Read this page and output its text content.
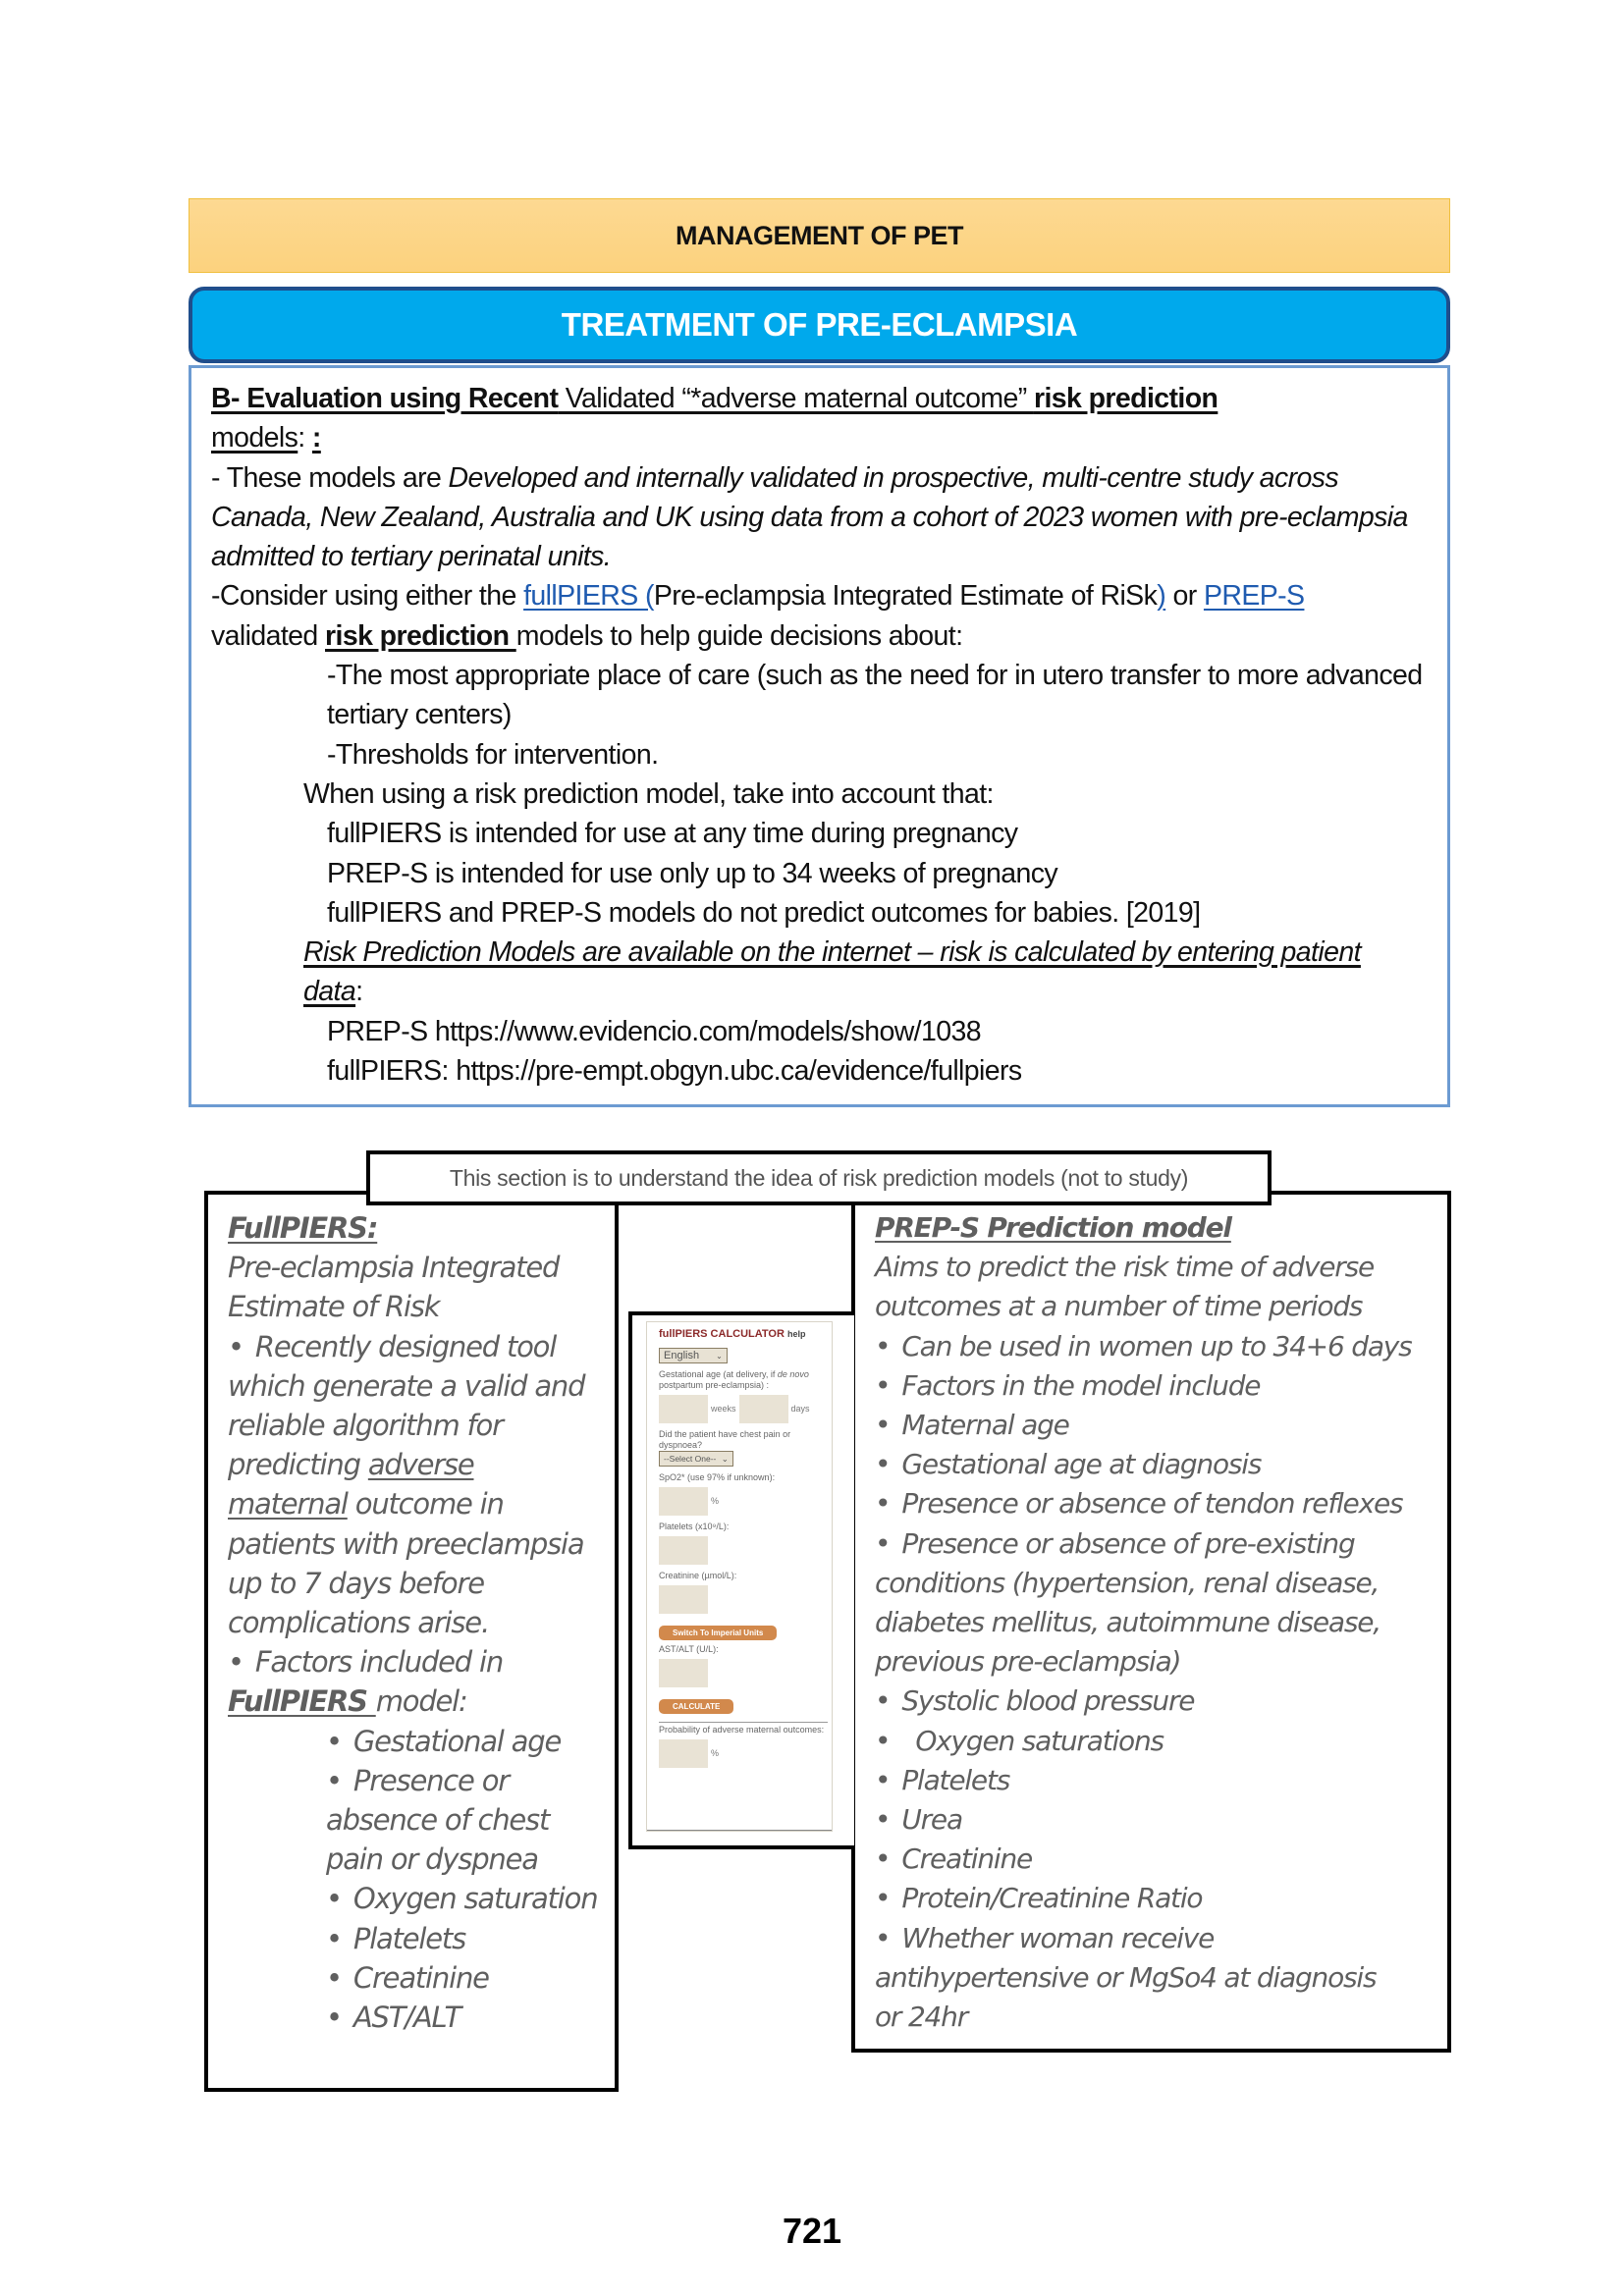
MANAGEMENT OF PET
TREATMENT OF PRE-ECLAMPSIA

B- Evaluation using Recent Validated “*adverse maternal outcome” risk prediction

models: :

- These models are Developed and internally validated in prospective, multi-centre study across Canada, New Zealand, Australia and UK using data from a cohort of 2023 women with pre-eclampsia admitted to tertiary perinatal units.

-Consider using either the fullPIERS (Pre-eclampsia Integrated Estimate of RiSk) or PREP-S
validated risk prediction models to help guide decisions about:

-The most appropriate place of care (such as the need for in utero transfer to more advanced tertiary centers)

-Thresholds for intervention.

When using a risk prediction model, take into account that:

fullPIERS is intended for use at any time during pregnancy

PREP-S is intended for use only up to 34 weeks of pregnancy

fullPIERS and PREP-S models do not predict outcomes for babies. [2019]

Risk Prediction Models are available on the internet – risk is calculated by entering patient data:

PREP-S https://www.evidencio.com/models/show/1038

fullPIERS: https://pre-empt.obgyn.ubc.ca/evidence/fullpiers

This section is to understand the idea of risk prediction models (not to study)

FullPIERS:

Pre-eclampsia Integrated

Estimate of Risk

• Recently designed tool

which generate a valid and

reliable algorithm for

predicting adverse

maternal outcome in

patients with preeclampsia

up to 7 days before

complications arise.

• Factors included in

FullPIERS model:

• Gestational age

• Presence or

absence of chest

pain or dyspnea

• Oxygen saturation

• Platelets

• Creatinine

• AST/ALT

PREP-S Prediction model

Aims to predict the risk time of adverse

outcomes at a number of time periods

• Can be used in women up to 34+6 days

• Factors in the model include

• Maternal age

• Gestational age at diagnosis

• Presence or absence of tendon reflexes

• Presence or absence of pre-existing

conditions (hypertension, renal disease,

diabetes mellitus, autoimmune disease,

previous pre-eclampsia)

• Systolic blood pressure

• Oxygen saturations

• Platelets

• Urea

• Creatinine

• Protein/Creatinine Ratio

• Whether woman receive

antihypertensive or MgSo4 at diagnosis

or 24hr

fullPIERS CALCULATOR help
English ⌄
Gestational age (at delivery, if de novo postpartum pre-eclampsia) :
weeks	days
Did the patient have chest pain or dyspnoea?
--Select One-- ⌄
SpO2* (use 97% if unknown):
%
Platelets (x10⁹/L):
Creatinine (µmol/L):
Switch To Imperial Units
AST/ALT (U/L):
CALCULATE
Probability of adverse maternal outcomes:
%
721
